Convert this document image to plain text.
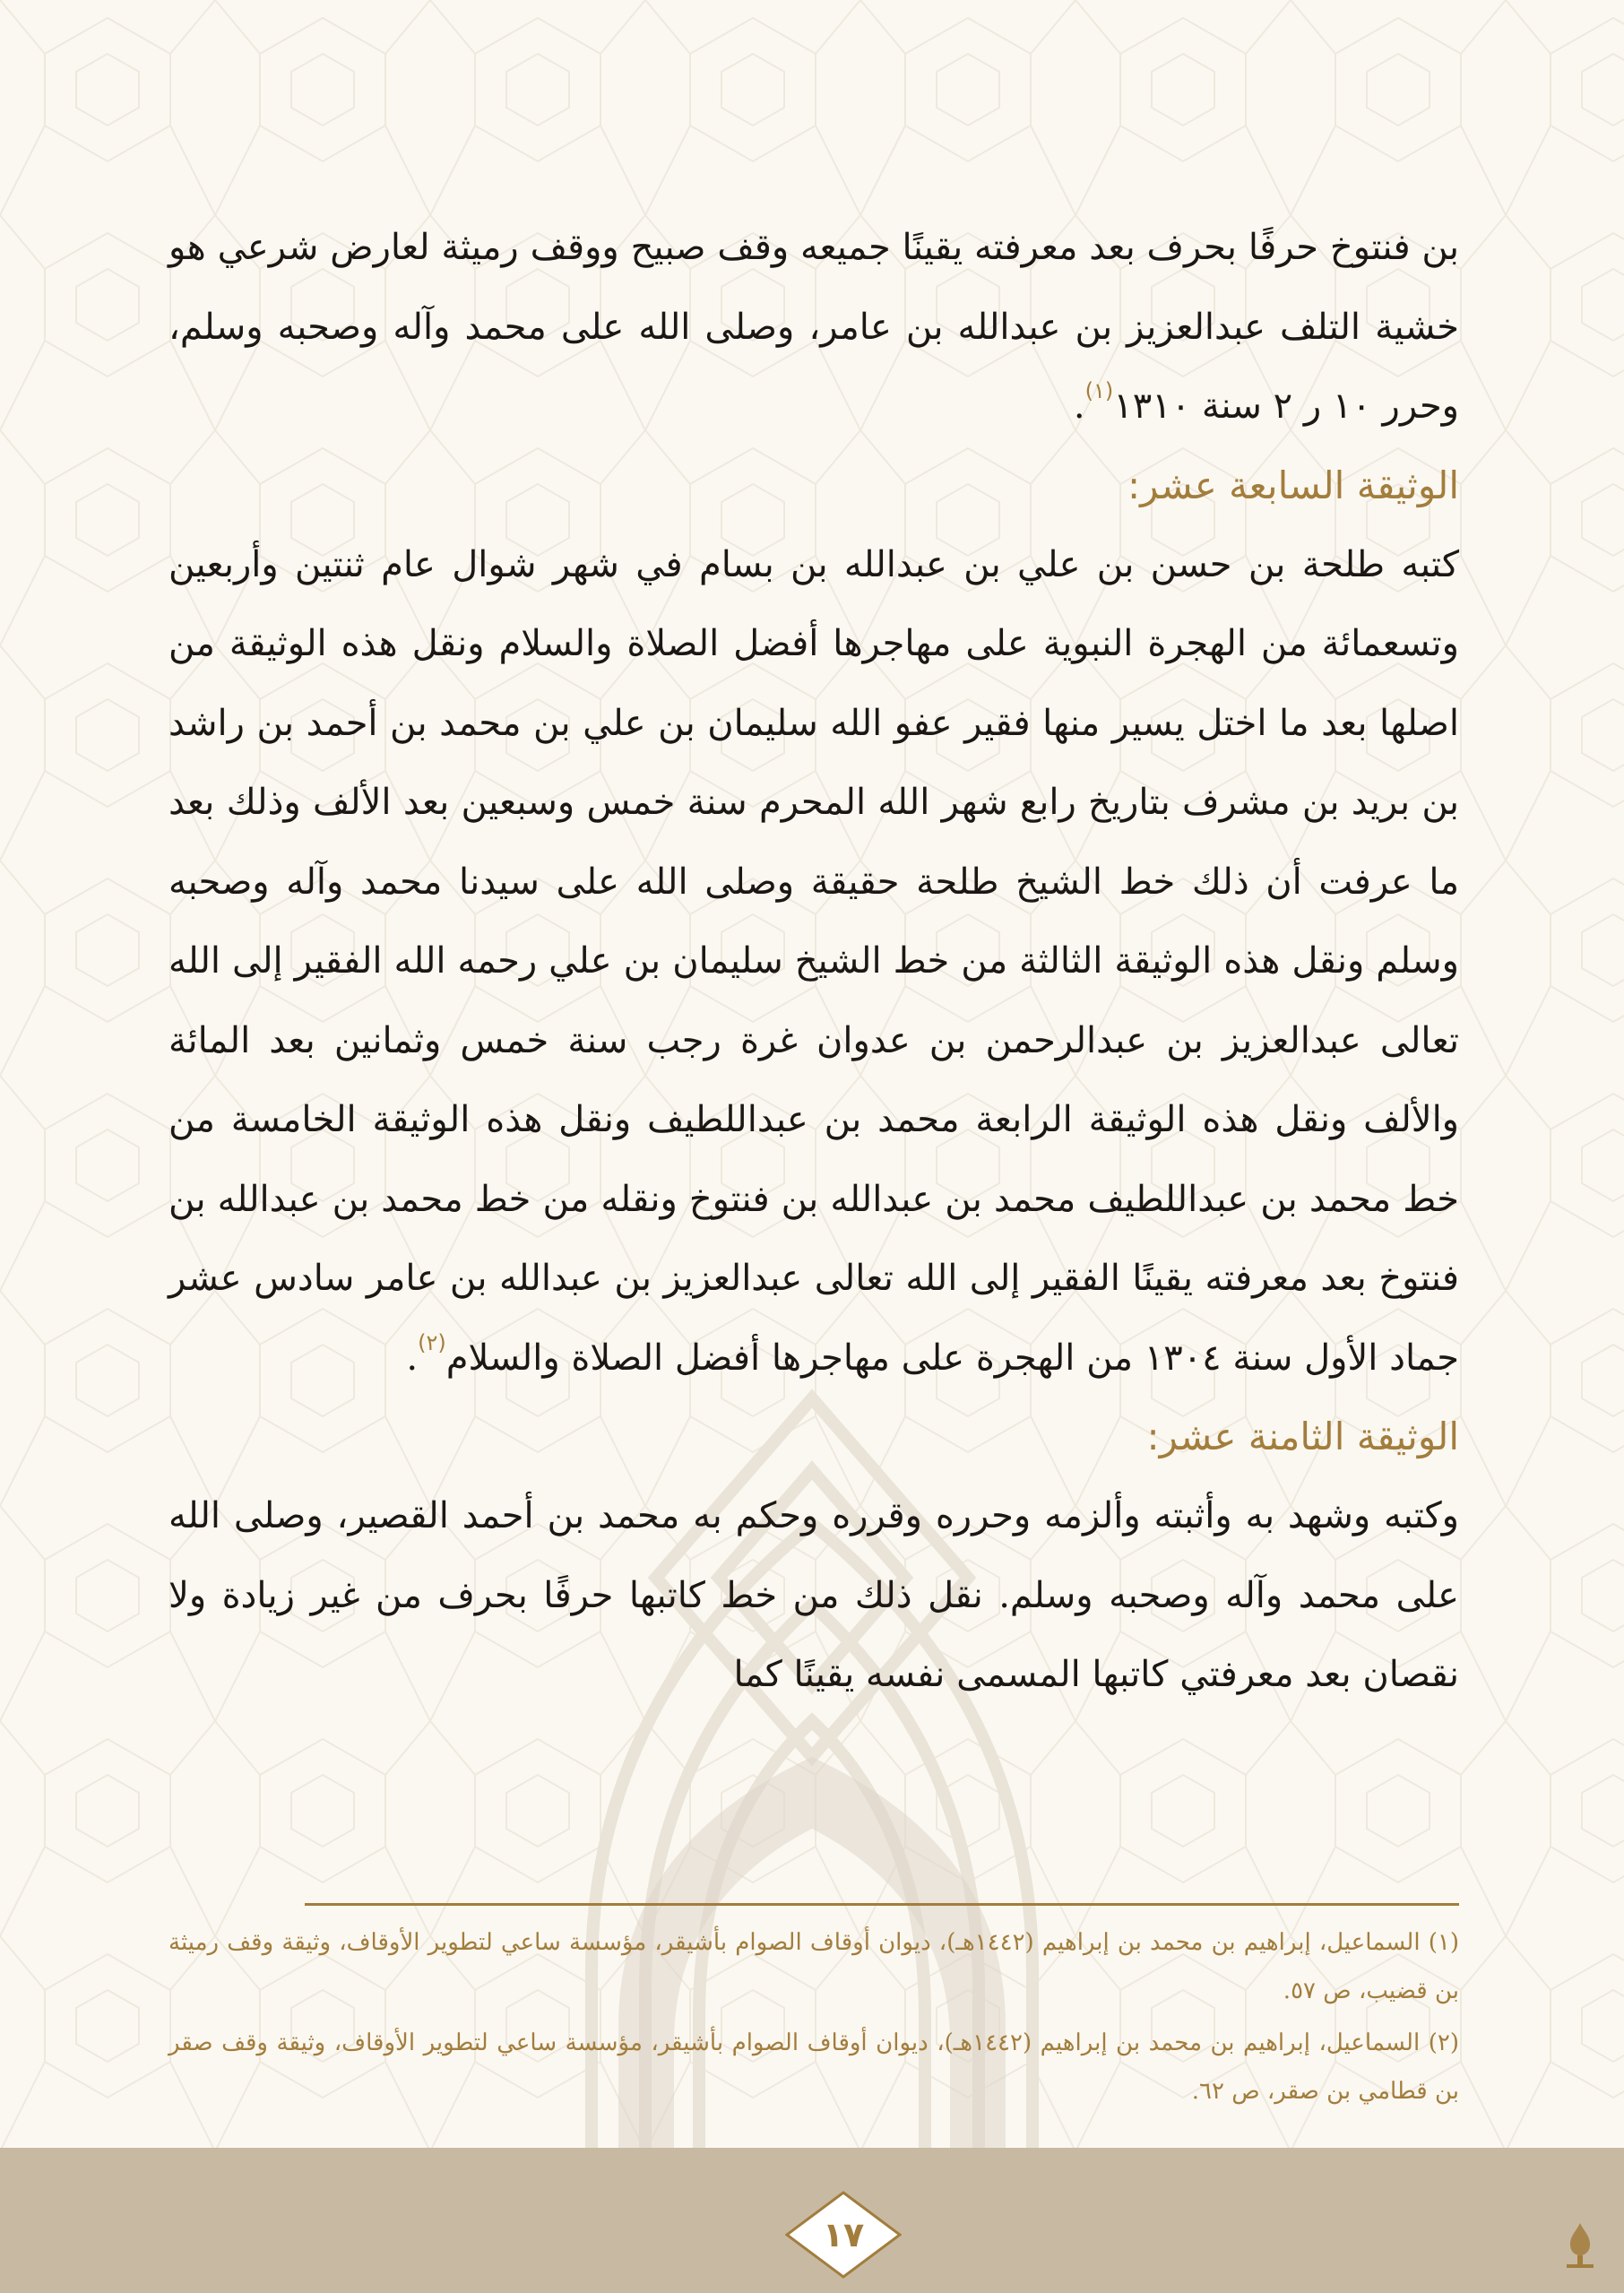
بن فنتوخ حرفًا بحرف بعد معرفته يقينًا جميعه وقف صبيح ووقف رميثة لعارض شرعي هو خشية التلف عبدالعزيز بن عبدالله بن عامر، وصلى الله على محمد وآله وصحبه وسلم، وحرر ١٠ ر ٢ سنة ١٣١٠$^{(١)}$.

الوثيقة السابعة عشر:

كتبه طلحة بن حسن بن علي بن عبدالله بن بسام في شهر شوال عام ثنتين وأربعين وتسعمائة من الهجرة النبوية على مهاجرها أفضل الصلاة والسلام ونقل هذه الوثيقة من اصلها بعد ما اختل يسير منها فقير عفو الله سليمان بن علي بن محمد بن أحمد بن راشد بن بريد بن مشرف بتاريخ رابع شهر الله المحرم سنة خمس وسبعين بعد الألف وذلك بعد ما عرفت أن ذلك خط الشيخ طلحة حقيقة وصلى الله على سيدنا محمد وآله وصحبه وسلم ونقل هذه الوثيقة الثالثة من خط الشيخ سليمان بن علي رحمه الله الفقير إلى الله تعالى عبدالعزيز بن عبدالرحمن بن عدوان غرة رجب سنة خمس وثمانين بعد المائة والألف ونقل هذه الوثيقة الرابعة محمد بن عبداللطيف ونقل هذه الوثيقة الخامسة من خط محمد بن عبداللطيف محمد بن عبدالله بن فنتوخ ونقله من خط محمد بن عبدالله بن فنتوخ بعد معرفته يقينًا الفقير إلى الله تعالى عبدالعزيز بن عبدالله بن عامر سادس عشر جماد الأول سنة ١٣٠٤ من الهجرة على مهاجرها أفضل الصلاة والسلام$^{(٢)}$.

الوثيقة الثامنة عشر:

وكتبه وشهد به وأثبته وألزمه وحرره وقرره وحكم به محمد بن أحمد القصير، وصلى الله على محمد وآله وصحبه وسلم. نقل ذلك من خط كاتبها حرفًا بحرف من غير زيادة ولا نقصان بعد معرفتي كاتبها المسمى نفسه يقينًا كما

(١) السماعيل، إبراهيم بن محمد بن إبراهيم (١٤٤٢هـ)، ديوان أوقاف الصوام بأشيقر، مؤسسة ساعي لتطوير الأوقاف، وثيقة وقف رميثة بن قضيب، ص ٥٧.

(٢) السماعيل، إبراهيم بن محمد بن إبراهيم (١٤٤٢هـ)، ديوان أوقاف الصوام بأشيقر، مؤسسة ساعي لتطوير الأوقاف، وثيقة وقف صقر بن قطامي بن صقر، ص ٦٢.

١٧
